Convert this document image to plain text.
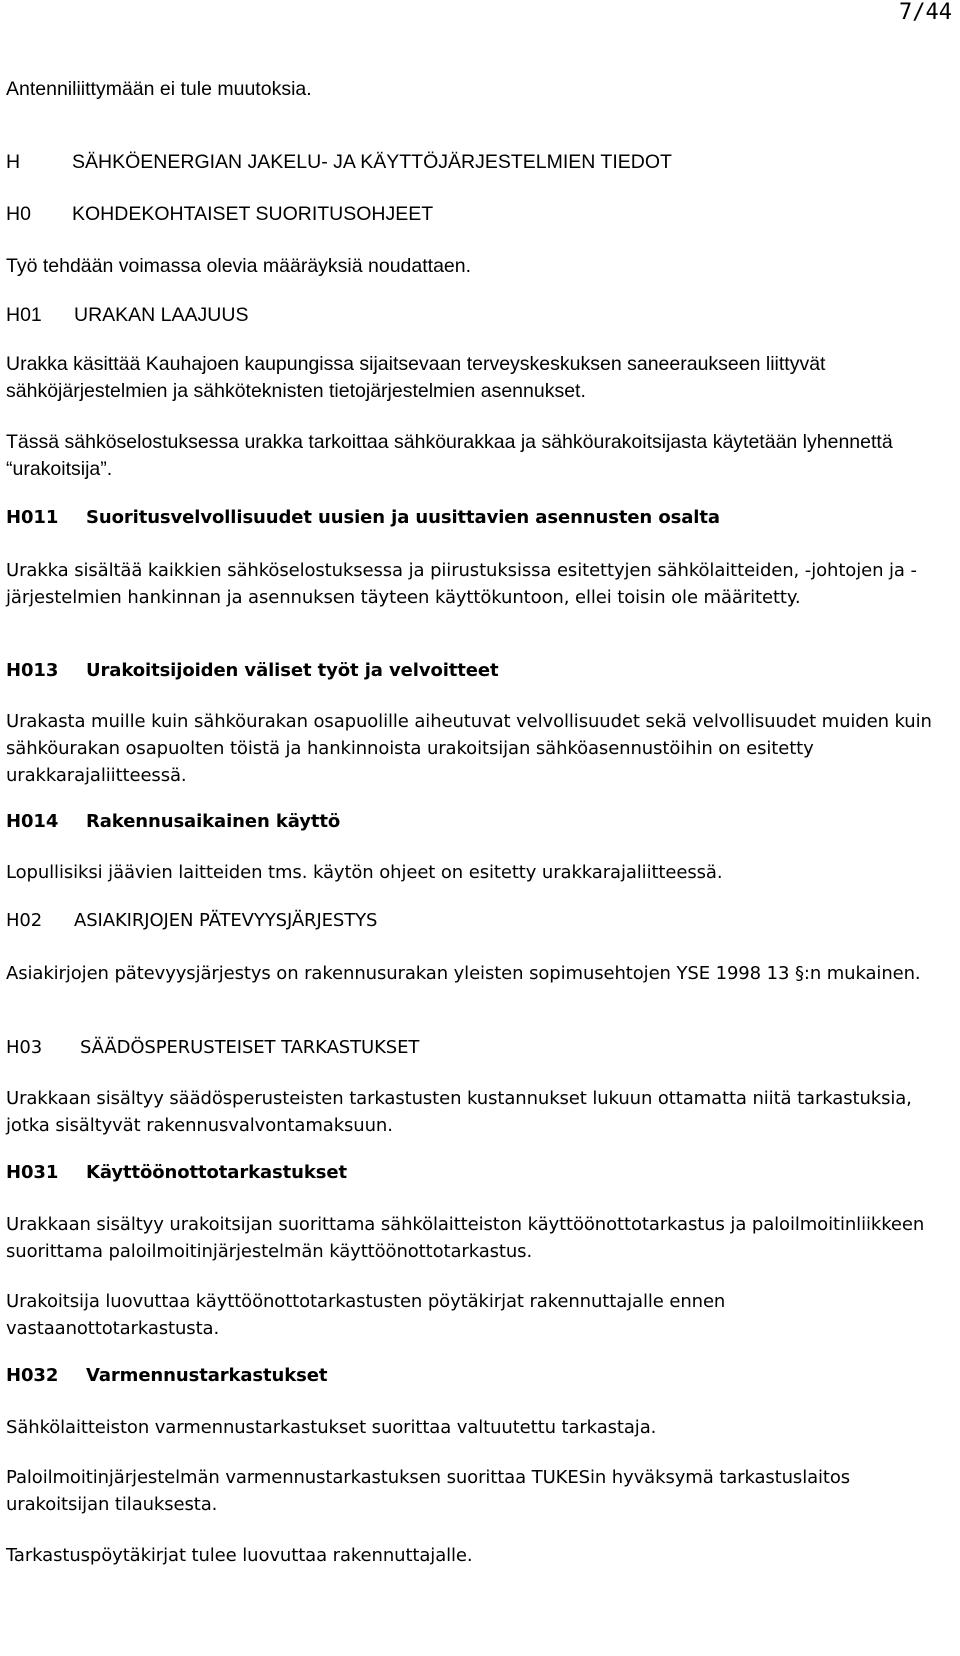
7/44
Antenniliittymään ei tule muutoksia.
H	SÄHKÖENERGIAN JAKELU- JA KÄYTTÖJÄRJESTELMIEN TIEDOT
H0	KOHDEKOHTAISET SUORITUSOHJEET
Työ tehdään voimassa olevia määräyksiä noudattaen.
H01	URAKAN LAAJUUS
Urakka käsittää Kauhajoen kaupungissa sijaitsevaan terveyskeskuksen saneeraukseen liittyvät sähköjärjestelmien ja sähköteknisten tietojärjestelmien asennukset.
Tässä sähköselostuksessa urakka tarkoittaa sähköurakkaa ja sähköurakoitsijasta käytetään lyhennettä “urakoitsija”.
H011	Suoritusvelvollisuudet uusien ja uusittavien asennusten osalta
Urakka sisältää kaikkien sähköselostuksessa ja piirustuksissa esitettyjen sähkölaitteiden, -johtojen ja -järjestelmien hankinnan ja asennuksen täyteen käyttökuntoon, ellei toisin ole määritetty.
H013	Urakoitsijoiden väliset työt ja velvoitteet
Urakasta muille kuin sähköurakan osapuolille aiheutuvat velvollisuudet sekä velvollisuudet muiden kuin sähköurakan osapuolten töistä ja hankinnoista urakoitsijan sähköasennustöihin on esitetty urakkarajaliitteessä.
H014	Rakennusaikainen käyttö
Lopullisiksi jäävien laitteiden tms. käytön ohjeet on esitetty urakkarajaliitteessä.
H02	ASIAKIRJOJEN PÄTEVYYSJÄRJESTYS
Asiakirjojen pätevyysjärjestys on rakennusurakan yleisten sopimusehtojen YSE 1998 13 §:n mukainen.
H03	SÄÄDÖSPERUSTEISET TARKASTUKSET
Urakkaan sisältyy säädösperusteisten tarkastusten kustannukset lukuun ottamatta niitä tarkastuksia, jotka sisältyvät rakennusvalvontamaksuun.
H031	Käyttöönottotarkastukset
Urakkaan sisältyy urakoitsijan suorittama sähkölaitteiston käyttöönottotarkastus ja paloilmoitinliikkeen suorittama paloilmoitinjärjestelmän käyttöönottotarkastus.
Urakoitsija luovuttaa käyttöönottotarkastusten pöytäkirjat rakennuttajalle ennen vastaanottotarkastusta.
H032	Varmennustarkastukset
Sähkölaitteiston varmennustarkastukset suorittaa valtuutettu tarkastaja.
Paloilmoitinjärjestelmän varmennustarkastuksen suorittaa TUKESin hyväksymä tarkastuslaitos urakoitsijan tilauksesta.
Tarkastuspöytäkirjat tulee luovuttaa rakennuttajalle.
